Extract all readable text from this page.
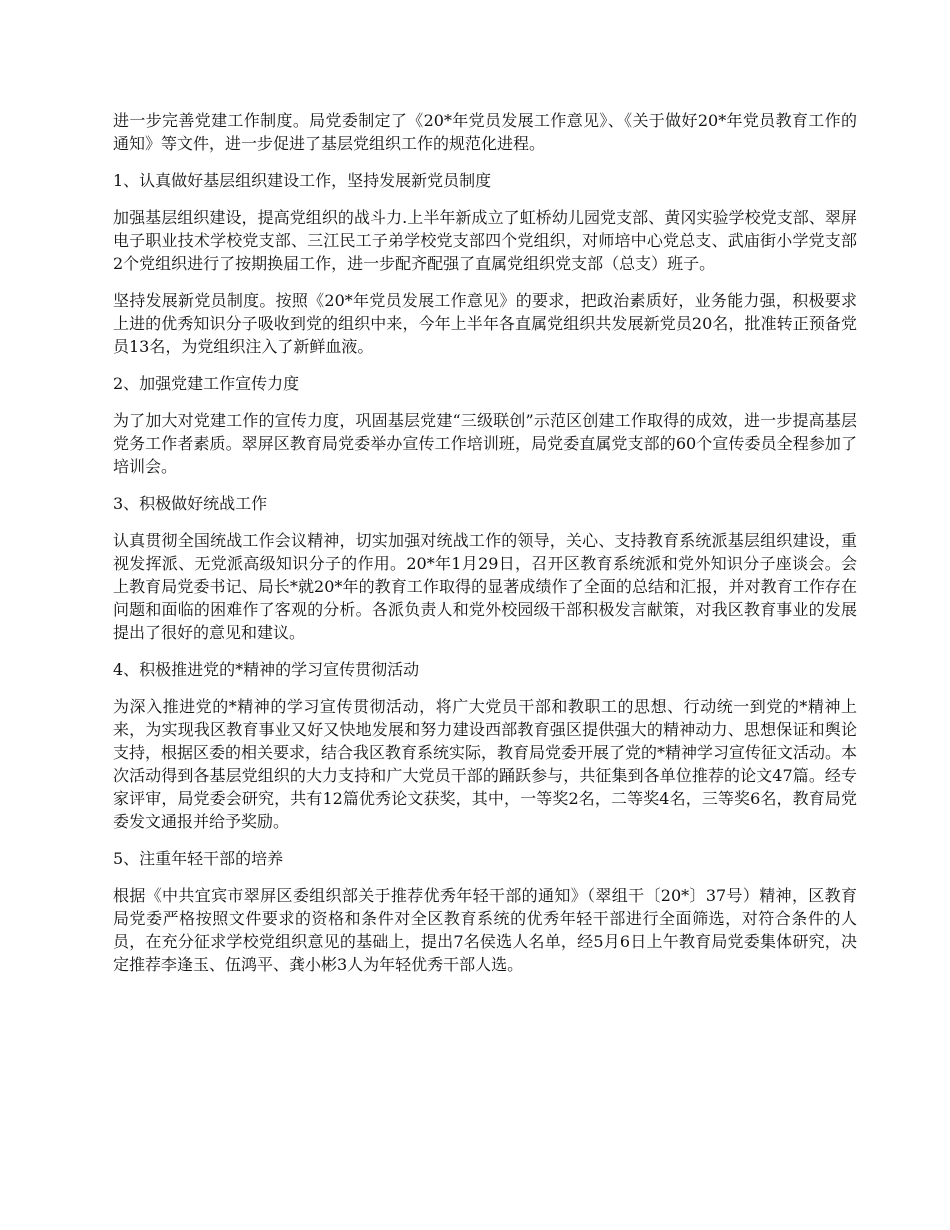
进一步完善党建工作制度。局党委制定了《20*年党员发展工作意见》、《关于做好20*年党员教育工作的通知》等文件，进一步促进了基层党组织工作的规范化进程。

1、认真做好基层组织建设工作，坚持发展新党员制度

加强基层组织建设，提高党组织的战斗力.上半年新成立了虹桥幼儿园党支部、黄冈实验学校党支部、翠屏电子职业技术学校党支部、三江民工子弟学校党支部四个党组织，对师培中心党总支、武庙街小学党支部2个党组织进行了按期换届工作，进一步配齐配强了直属党组织党支部（总支）班子。

坚持发展新党员制度。按照《20*年党员发展工作意见》的要求，把政治素质好，业务能力强，积极要求上进的优秀知识分子吸收到党的组织中来，今年上半年各直属党组织共发展新党员20名，批准转正预备党员13名，为党组织注入了新鲜血液。

2、加强党建工作宣传力度

为了加大对党建工作的宣传力度，巩固基层党建“三级联创”示范区创建工作取得的成效，进一步提高基层党务工作者素质。翠屏区教育局党委举办宣传工作培训班，局党委直属党支部的60个宣传委员全程参加了培训会。

3、积极做好统战工作

认真贯彻全国统战工作会议精神，切实加强对统战工作的领导，关心、支持教育系统派基层组织建设，重视发挥派、无党派高级知识分子的作用。20*年1月29日，召开区教育系统派和党外知识分子座谈会。会上教育局党委书记、局长*就20*年的教育工作取得的显著成绩作了全面的总结和汇报，并对教育工作存在问题和面临的困难作了客观的分析。各派负责人和党外校园级干部积极发言献策，对我区教育事业的发展提出了很好的意见和建议。

4、积极推进党的*精神的学习宣传贯彻活动

为深入推进党的*精神的学习宣传贯彻活动，将广大党员干部和教职工的思想、行动统一到党的*精神上来，为实现我区教育事业又好又快地发展和努力建设西部教育强区提供强大的精神动力、思想保证和舆论支持，根据区委的相关要求，结合我区教育系统实际，教育局党委开展了党的*精神学习宣传征文活动。本次活动得到各基层党组织的大力支持和广大党员干部的踊跃参与，共征集到各单位推荐的论文47篇。经专家评审，局党委会研究，共有12篇优秀论文获奖，其中，一等奖2名，二等奖4名，三等奖6名，教育局党委发文通报并给予奖励。

5、注重年轻干部的培养

根据《中共宜宾市翠屏区委组织部关于推荐优秀年轻干部的通知》（翠组干〔20*〕37号）精神，区教育局党委严格按照文件要求的资格和条件对全区教育系统的优秀年轻干部进行全面筛选，对符合条件的人员，在充分征求学校党组织意见的基础上，提出7名侯选人名单，经5月6日上午教育局党委集体研究，决定推荐李逢玉、伍鸿平、龚小彬3人为年轻优秀干部人选。
